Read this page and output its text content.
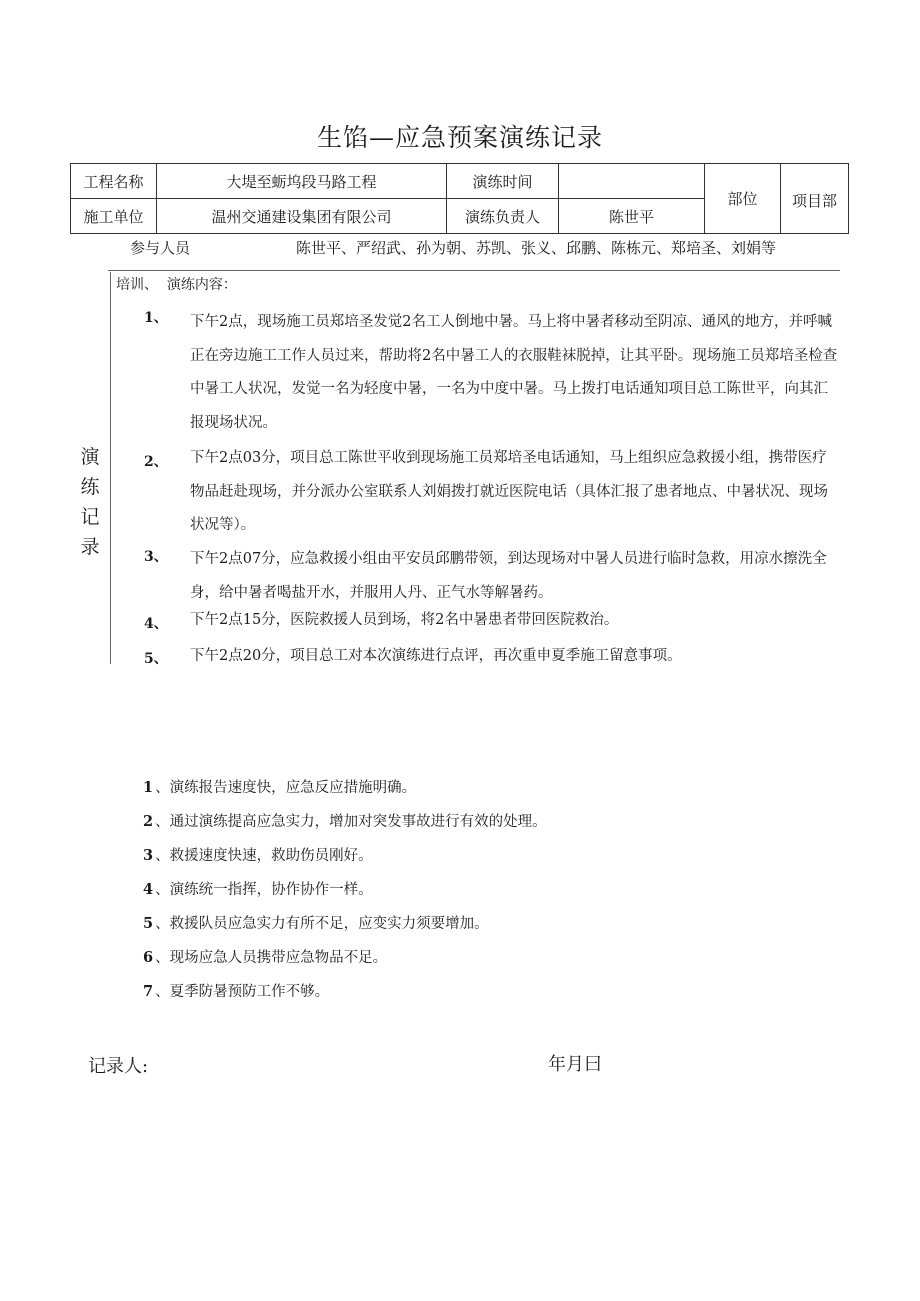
生馅—应急预案演练记录
工程名称	大堤至蛎坞段马路工程	演练时间		部位	项目部
施工单位	温州交通建设集团有限公司	演练负责人	陈世平		
参与人员	陈世平、严绍武、孙为朝、苏凯、张义、邱鹏、陈栋元、郑培圣、刘娟等
演
练
记
录
培训、  演练内容：
1、 下午2点，现场施工员郑培圣发觉2名工人倒地中暑。马上将中暑者移动至阴凉、通风的地方，并呼喊正在旁边施工工作人员过来，帮助将2名中暑工人的衣服鞋袜脱掉，让其平卧。现场施工员郑培圣检查中暑工人状况，发觉一名为轻度中暑，一名为中度中暑。马上拨打电话通知项目总工陈世平，向其汇报现场状况。
2、 下午2点03分，项目总工陈世平收到现场施工员郑培圣电话通知，马上组织应急救援小组，携带医疗物品赶赴现场，并分派办公室联系人刘娟拨打就近医院电话（具体汇报了患者地点、中暑状况、现场状况等）。
3、 下午2点07分，应急救援小组由平安员邱鹏带领，到达现场对中暑人员进行临时急救，用凉水擦洗全身，给中暑者喝盐开水，并服用人丹、正气水等解暑药。
4、 下午2点15分，医院救援人员到场，将2名中暑患者带回医院救治。
5、 下午2点20分，项目总工对本次演练进行点评，再次重申夏季施工留意事项。
1 、演练报告速度快，应急反应措施明确。
2 、通过演练提高应急实力，增加对突发事故进行有效的处理。
3 、救援速度快速，救助伤员刚好。
4 、演练统一指挥，协作协作一样。
5 、救援队员应急实力有所不足，应变实力须要增加。
6 、现场应急人员携带应急物品不足。
7 、夏季防暑预防工作不够。
记录人:	年月曰
